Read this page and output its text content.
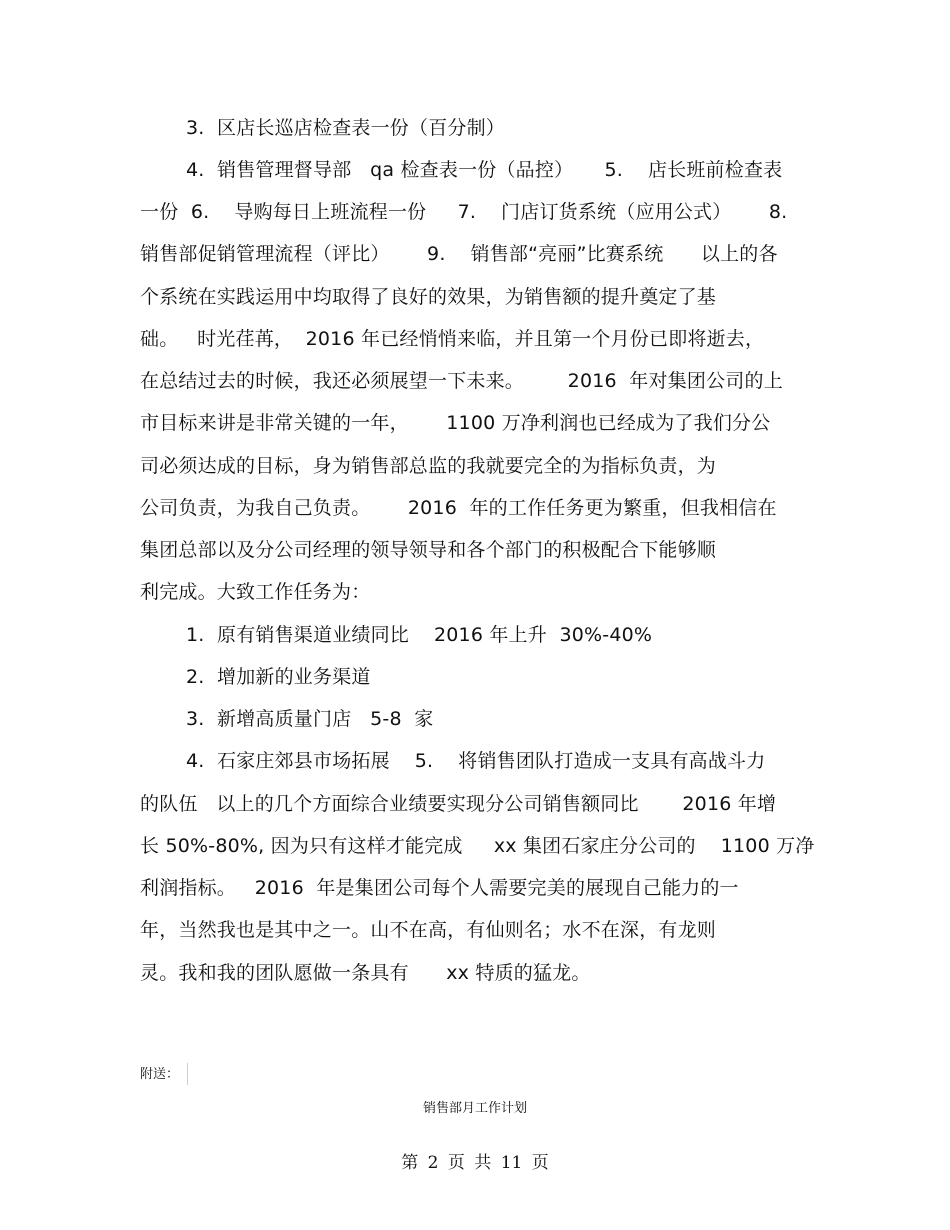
3.  区店长巡店检查表一份（百分制）
4.  销售管理督导部   qa 检查表一份（品控）     5.    店长班前检查表
一份  6.    导购每日上班流程一份     7.    门店订货系统（应用公式）      8.
销售部促销管理流程（评比）      9.    销售部“亮丽”比赛系统      以上的各
个系统在实践运用中均取得了良好的效果，为销售额的提升奠定了基
础。   时光荏苒，  2016 年已经悄悄来临，并且第一个月份已即将逝去，
在总结过去的时候，我还必须展望一下未来。       2016  年对集团公司的上
市目标来讲是非常关键的一年，      1100 万净利润也已经成为了我们分公
司必须达成的目标，身为销售部总监的我就要完全的为指标负责，为
公司负责，为我自己负责。      2016  年的工作任务更为繁重，但我相信在
集团总部以及分公司经理的领导领导和各个部门的积极配合下能够顺
利完成。大致工作任务为：
1.  原有销售渠道业绩同比    2016 年上升  30%-40%
2.  增加新的业务渠道
3.  新增高质量门店   5-8  家
4.  石家庄郊县市场拓展    5.    将销售团队打造成一支具有高战斗力
的队伍   以上的几个方面综合业绩要实现分公司销售额同比       2016 年增
长 50%-80%, 因为只有这样才能完成     xx 集团石家庄分公司的    1100 万净
利润指标。   2016  年是集团公司每个人需要完美的展现自己能力的一
年，当然我也是其中之一。山不在高，有仙则名；水不在深，有龙则
灵。我和我的团队愿做一条具有      xx 特质的猛龙。
附送：
销售部月工作计划
第 2 页 共 11 页
